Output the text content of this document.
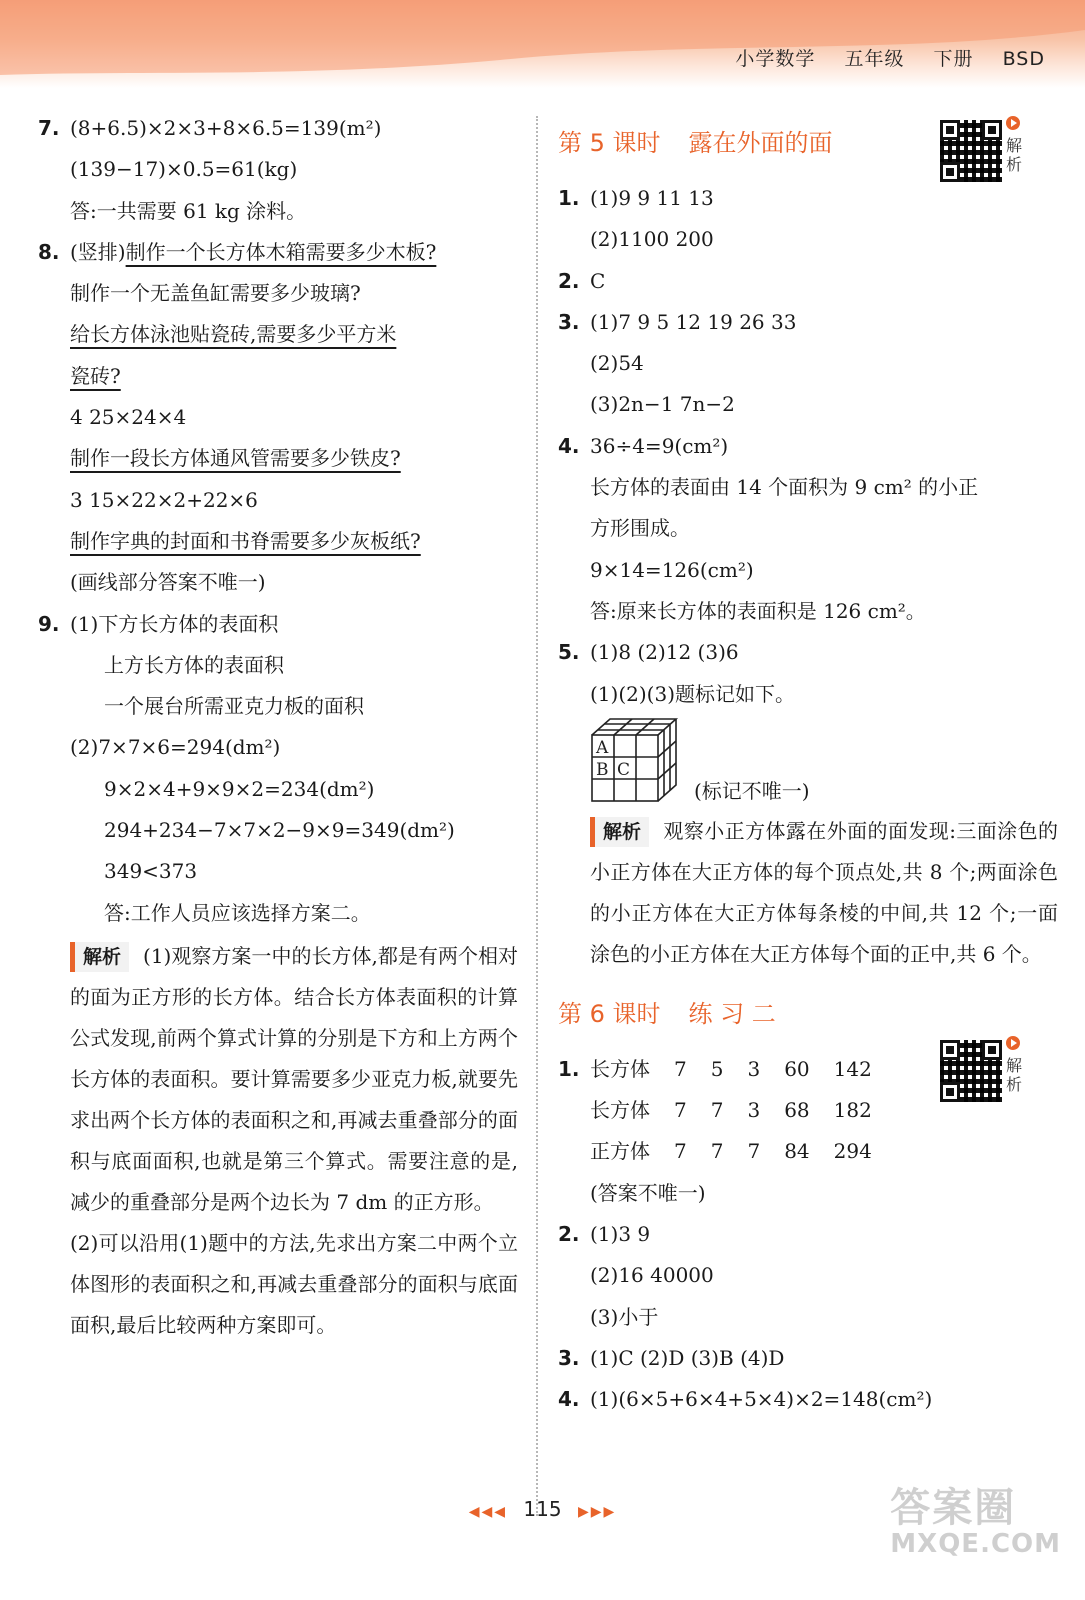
小学数学 五年级 下册 BSD
7. (8+6.5)×2×3+8×6.5=139(m²)
(139−17)×0.5=61(kg)
答:一共需要 61 kg 涂料。
8. (竖排)制作一个长方体木箱需要多少木板?
制作一个无盖鱼缸需要多少玻璃?
给长方体泳池贴瓷砖,需要多少平方米
瓷砖?
4 25×24×4
制作一段长方体通风管需要多少铁皮?
3 15×22×2+22×6
制作字典的封面和书脊需要多少灰板纸?
(画线部分答案不唯一)
9. (1)下方长方体的表面积
上方长方体的表面积
一个展台所需亚克力板的面积
(2)7×7×6=294(dm²)
9×2×4+9×9×2=234(dm²)
294+234−7×7×2−9×9=349(dm²)
349<373
答:工作人员应该选择方案二。
解析 (1)观察方案一中的长方体,都是有两个相对的面为正方形的长方体。结合长方体表面积的计算公式发现,前两个算式计算的分别是下方和上方两个长方体的表面积。要计算需要多少亚克力板,就要先求出两个长方体的表面积之和,再减去重叠部分的面积与底面面积,也就是第三个算式。需要注意的是,减少的重叠部分是两个边长为 7 dm 的正方形。
(2)可以沿用(1)题中的方法,先求出方案二中两个立体图形的表面积之和,再减去重叠部分的面积与底面面积,最后比较两种方案即可。
第 5 课时 露在外面的面
1. (1)9 9 11 13
(2)1100 200
2. C
3. (1)7 9 5 12 19 26 33
(2)54
(3)2n−1 7n−2
4. 36÷4=9(cm²)
长方体的表面由 14 个面积为 9 cm² 的小正
方形围成。
9×14=126(cm²)
答:原来长方体的表面积是 126 cm²。
5. (1)8 (2)12 (3)6
(1)(2)(3)题标记如下。
A
B C
(标记不唯一)
解析 观察小正方体露在外面的面发现:三面涂色的小正方体在大正方体的每个顶点处,共 8 个;两面涂色的小正方体在大正方体每条棱的中间,共 12 个;一面涂色的小正方体在大正方体每个面的正中,共 6 个。
第 6 课时 练 习 二
1. 长方体 7 5 3 60 142
长方体 7 7 3 68 182
正方体 7 7 7 84 294
(答案不唯一)
2. (1)3 9
(2)16 40000
(3)小于
3. (1)C (2)D (3)B (4)D
4. (1)(6×5+6×4+5×4)×2=148(cm²)
解析
解析
◀◀◀ 115 ▶▶▶	答案圈
MXQE.COM
